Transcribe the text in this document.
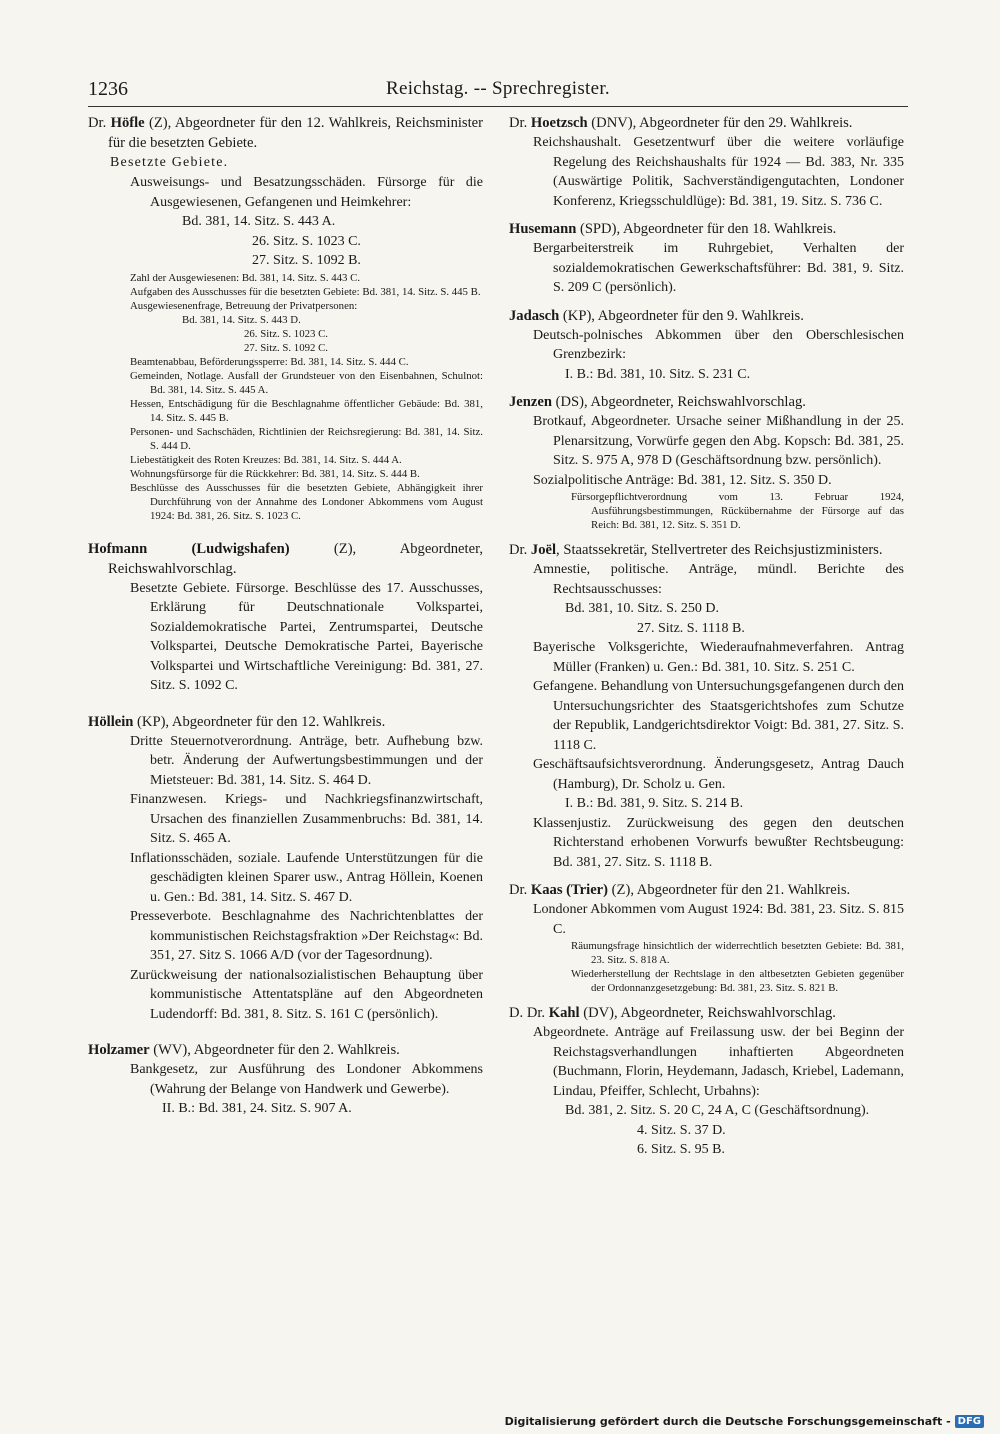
1236	Reichstag. -- Sprechregister.
Dr. Höfle (Z), Abgeordneter für den 12. Wahlkreis, Reichsminister für die besetzten Gebiete.
Besetzte Gebiete.
Ausweisungs- und Besatzungsschäden. Fürsorge für die Ausgewiesenen, Gefangenen und Heimkehrer:
Bd. 381, 14. Sitz. S. 443 A.
26. Sitz. S. 1023 C.
27. Sitz. S. 1092 B.
Zahl der Ausgewiesenen: Bd. 381, 14. Sitz. S. 443 C.
Aufgaben des Ausschusses für die besetzten Gebiete: Bd. 381, 14. Sitz. S. 445 B.
Ausgewiesenenfrage, Betreuung der Privatpersonen:
Bd. 381, 14. Sitz. S. 443 D.
26. Sitz. S. 1023 C.
27. Sitz. S. 1092 C.
Beamtenabbau, Beförderungssperre: Bd. 381, 14. Sitz. S. 444 C.
Gemeinden, Notlage. Ausfall der Grundsteuer von den Eisenbahnen, Schulnot: Bd. 381, 14. Sitz. S. 445 A.
Hessen, Entschädigung für die Beschlagnahme öffentlicher Gebäude: Bd. 381, 14. Sitz. S. 445 B.
Personen- und Sachschäden, Richtlinien der Reichsregierung: Bd. 381, 14. Sitz. S. 444 D.
Liebestätigkeit des Roten Kreuzes: Bd. 381, 14. Sitz. S. 444 A.
Wohnungsfürsorge für die Rückkehrer: Bd. 381, 14. Sitz. S. 444 B.
Beschlüsse des Ausschusses für die besetzten Gebiete, Abhängigkeit ihrer Durchführung von der Annahme des Londoner Abkommens vom August 1924: Bd. 381, 26. Sitz. S. 1023 C.
Hofmann (Ludwigshafen) (Z), Abgeordneter, Reichswahlvorschlag.
Besetzte Gebiete. Fürsorge. Beschlüsse des 17. Ausschusses, Erklärung für Deutschnationale Volkspartei, Sozialdemokratische Partei, Zentrumspartei, Deutsche Volkspartei, Deutsche Demokratische Partei, Bayerische Volkspartei und Wirtschaftliche Vereinigung: Bd. 381, 27. Sitz. S. 1092 C.
Höllein (KP), Abgeordneter für den 12. Wahlkreis.
Dritte Steuernotverordnung. Anträge, betr. Aufhebung bzw. betr. Änderung der Aufwertungsbestimmungen und der Mietsteuer: Bd. 381, 14. Sitz. S. 464 D.
Finanzwesen. Kriegs- und Nachkriegsfinanzwirtschaft, Ursachen des finanziellen Zusammenbruchs: Bd. 381, 14. Sitz. S. 465 A.
Inflationsschäden, soziale. Laufende Unterstützungen für die geschädigten kleinen Sparer usw., Antrag Höllein, Koenen u. Gen.: Bd. 381, 14. Sitz. S. 467 D.
Presseverbote. Beschlagnahme des Nachrichtenblattes der kommunistischen Reichstagsfraktion »Der Reichstag«: Bd. 351, 27. Sitz S. 1066 A/D (vor der Tagesordnung).
Zurückweisung der nationalsozialistischen Behauptung über kommunistische Attentatspläne auf den Abgeordneten Ludendorff: Bd. 381, 8. Sitz. S. 161 C (persönlich).
Holzamer (WV), Abgeordneter für den 2. Wahlkreis.
Bankgesetz, zur Ausführung des Londoner Abkommens (Wahrung der Belange von Handwerk und Gewerbe).
II. B.: Bd. 381, 24. Sitz. S. 907 A.
Dr. Hoetzsch (DNV), Abgeordneter für den 29. Wahlkreis.
Reichshaushalt. Gesetzentwurf über die weitere vorläufige Regelung des Reichshaushalts für 1924 — Bd. 383, Nr. 335 (Auswärtige Politik, Sachverständigengutachten, Londoner Konferenz, Kriegsschuldlüge): Bd. 381, 19. Sitz. S. 736 C.
Husemann (SPD), Abgeordneter für den 18. Wahlkreis.
Bergarbeiterstreik im Ruhrgebiet, Verhalten der sozialdemokratischen Gewerkschaftsführer: Bd. 381, 9. Sitz. S. 209 C (persönlich).
Jadasch (KP), Abgeordneter für den 9. Wahlkreis.
Deutsch-polnisches Abkommen über den Oberschlesischen Grenzbezirk:
I. B.: Bd. 381, 10. Sitz. S. 231 C.
Jenzen (DS), Abgeordneter, Reichswahlvorschlag.
Brotkauf, Abgeordneter. Ursache seiner Mißhandlung in der 25. Plenarsitzung, Vorwürfe gegen den Abg. Kopsch: Bd. 381, 25. Sitz. S. 975 A, 978 D (Geschäftsordnung bzw. persönlich).
Sozialpolitische Anträge: Bd. 381, 12. Sitz. S. 350 D.
Fürsorgepflichtverordnung vom 13. Februar 1924, Ausführungsbestimmungen, Rückübernahme der Fürsorge auf das Reich: Bd. 381, 12. Sitz. S. 351 D.
Dr. Joël, Staatssekretär, Stellvertreter des Reichsjustizministers.
Amnestie, politische. Anträge, mündl. Berichte des Rechtsausschusses:
Bd. 381, 10. Sitz. S. 250 D.
27. Sitz. S. 1118 B.
Bayerische Volksgerichte, Wiederaufnahmeverfahren. Antrag Müller (Franken) u. Gen.: Bd. 381, 10. Sitz. S. 251 C.
Gefangene. Behandlung von Untersuchungsgefangenen durch den Untersuchungsrichter des Staatsgerichtshofes zum Schutze der Republik, Landgerichtsdirektor Voigt: Bd. 381, 27. Sitz. S. 1118 C.
Geschäftsaufsichtsverordnung. Änderungsgesetz, Antrag Dauch (Hamburg), Dr. Scholz u. Gen.
I. B.: Bd. 381, 9. Sitz. S. 214 B.
Klassenjustiz. Zurückweisung des gegen den deutschen Richterstand erhobenen Vorwurfs bewußter Rechtsbeugung: Bd. 381, 27. Sitz. S. 1118 B.
Dr. Kaas (Trier) (Z), Abgeordneter für den 21. Wahlkreis.
Londoner Abkommen vom August 1924: Bd. 381, 23. Sitz. S. 815 C.
Räumungsfrage hinsichtlich der widerrechtlich besetzten Gebiete: Bd. 381, 23. Sitz. S. 818 A.
Wiederherstellung der Rechtslage in den altbesetzten Gebieten gegenüber der Ordonnanzgesetzgebung: Bd. 381, 23. Sitz. S. 821 B.
D. Dr. Kahl (DV), Abgeordneter, Reichswahlvorschlag.
Abgeordnete. Anträge auf Freilassung usw. der bei Beginn der Reichstagsverhandlungen inhaftierten Abgeordneten (Buchmann, Florin, Heydemann, Jadasch, Kriebel, Lademann, Lindau, Pfeiffer, Schlecht, Urbahns):
Bd. 381, 2. Sitz. S. 20 C, 24 A, C (Geschäftsordnung).
4. Sitz. S. 37 D.
6. Sitz. S. 95 B.
Digitalisierung gefördert durch die Deutsche Forschungsgemeinschaft - DFG
